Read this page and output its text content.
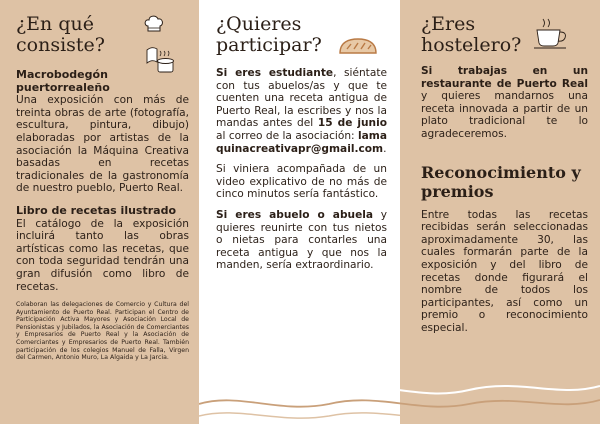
¿En qué consiste?

Macrobodegón puertorrealeño

Una exposición con más de treinta obras de arte (fotografía, escultura, pintura, dibujo) elaboradas por artistas de la asociación la Máquina Creativa basadas en recetas tradicionales de la gastronomía de nuestro pueblo, Puerto Real.

Libro de recetas ilustrado

El catálogo de la exposición incluirá tanto las obras artísticas como las recetas, que con toda seguridad tendrán una gran difusión como libro de recetas.

Colaboran las delegaciones de Comercio y Cultura del Ayuntamiento de Puerto Real. Participan el Centro de Participación Activa Mayores y Asociación Local de Pensionistas y Jubilados, la Asociación de Comerciantes y Empresarios de Puerto Real y la Asociación de Comerciantes y Empresarios de Puerto Real. También participación de los colegios Manuel de Falla, Virgen del Carmen, Antonio Muro, La Algaida y La Jarcia.

¿Quieres participar?

Si eres estudiante, siéntate con tus abuelos/as y que te cuenten una receta antigua de Puerto Real, la escribes y nos la mandas antes del 15 de junio al correo de la asociación: lamaquinacreativapr@gmail.com.

Si viniera acompañada de un video explicativo de no más de cinco minutos sería fantástico.

Si eres abuelo o abuela y quieres reunirte con tus nietos o nietas para contarles una receta antigua y que nos la manden, sería extraordinario.

¿Eres hostelero?

Si trabajas en un restaurante de Puerto Real y quieres mandarnos una receta innovada a partir de un plato tradicional te lo agradeceremos.

Reconocimiento y premios

Entre todas las recetas recibidas serán seleccionadas aproximadamente 30, las cuales formarán parte de la exposición y del libro de recetas donde figurará el nombre de todos los participantes, así como un premio o reconocimiento especial.
